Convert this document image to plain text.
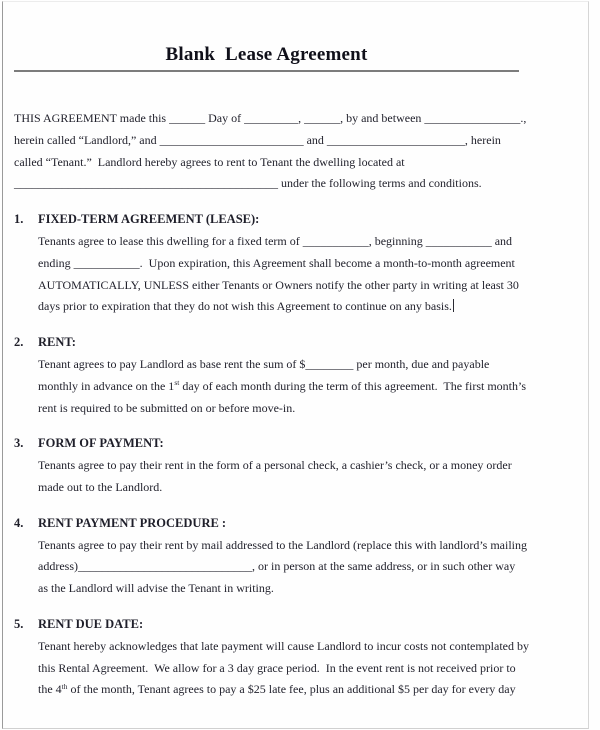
Blank  Lease Agreement
THIS AGREEMENT made this ______ Day of _________, ______, by and between ________________.,
herein called “Landlord,” and ________________________ and _______________________, herein
called “Tenant.”  Landlord hereby agrees to rent to Tenant the dwelling located at
____________________________________________ under the following terms and conditions.
1.	FIXED-TERM AGREEMENT (LEASE):
Tenants agree to lease this dwelling for a fixed term of ___________, beginning ___________ and
ending ___________.  Upon expiration, this Agreement shall become a month-to-month agreement
AUTOMATICALLY, UNLESS either Tenants or Owners notify the other party in writing at least 30
days prior to expiration that they do not wish this Agreement to continue on any basis.
2.	RENT:
Tenant agrees to pay Landlord as base rent the sum of $________ per month, due and payable
monthly in advance on the 1st day of each month during the term of this agreement.  The first month’s
rent is required to be submitted on or before move-in.
3.	FORM OF PAYMENT:
Tenants agree to pay their rent in the form of a personal check, a cashier’s check, or a money order
made out to the Landlord.
4.	RENT PAYMENT PROCEDURE :
Tenants agree to pay their rent by mail addressed to the Landlord (replace this with landlord’s mailing
address)_____________________________, or in person at the same address, or in such other way
as the Landlord will advise the Tenant in writing.
5.	RENT DUE DATE:
Tenant hereby acknowledges that late payment will cause Landlord to incur costs not contemplated by
this Rental Agreement.  We allow for a 3 day grace period.  In the event rent is not received prior to
the 4th of the month, Tenant agrees to pay a $25 late fee, plus an additional $5 per day for every day
